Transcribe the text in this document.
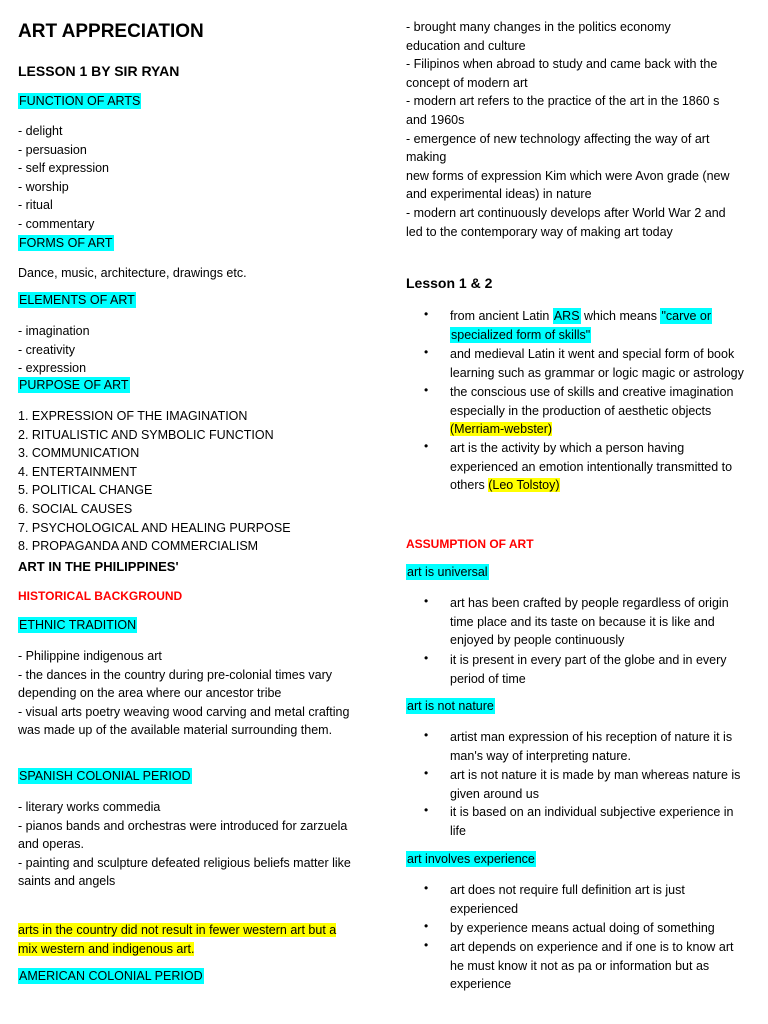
ART APPRECIATION
LESSON 1 BY SIR RYAN
FUNCTION OF ARTS
- delight
- persuasion
- self expression
- worship
- ritual
- commentary
FORMS OF ART
Dance, music, architecture, drawings etc.
ELEMENTS OF ART
- imagination
- creativity
- expression
PURPOSE OF ART
1. EXPRESSION OF THE IMAGINATION
2. RITUALISTIC AND SYMBOLIC FUNCTION
3. COMMUNICATION
4. ENTERTAINMENT
5. POLITICAL CHANGE
6. SOCIAL CAUSES
7. PSYCHOLOGICAL AND HEALING PURPOSE
8. PROPAGANDA AND COMMERCIALISM
ART IN THE PHILIPPINES'
HISTORICAL BACKGROUND
ETHNIC TRADITION
- Philippine indigenous art
- the dances in the country during pre-colonial times vary
depending on the area where our ancestor tribe
- visual arts poetry weaving wood carving and metal crafting
was made up of the available material surrounding them.
SPANISH COLONIAL PERIOD
- literary works commedia
- pianos bands and orchestras were introduced for zarzuela
and operas.
- painting and sculpture defeated religious beliefs matter like
saints and angels
arts in the country did not result in fewer western art but a
mix western and indigenous art.
AMERICAN COLONIAL PERIOD
- brought many changes in the politics economy
education and culture
- Filipinos when abroad to study and came back with the
concept of modern art
- modern art refers to the practice of the art in the 1860 s
and 1960s
- emergence of new technology affecting the way of art
making
new forms of expression Kim which were Avon grade (new
and experimental ideas) in nature
- modern art continuously develops after World War 2 and
led to the contemporary way of making art today
Lesson 1 & 2
• from ancient Latin ARS which means "carve or
specialized form of skills"
• and medieval Latin it went and special form of book
learning such as grammar or logic magic or astrology
• the conscious use of skills and creative imagination
especially in the production of aesthetic objects
(Merriam-webster)
• art is the activity by which a person having
experienced an emotion intentionally transmitted to
others (Leo Tolstoy)
ASSUMPTION OF ART
art is universal
• art has been crafted by people regardless of origin
time place and its taste on because it is like and
enjoyed by people continuously
• it is present in every part of the globe and in every
period of time
art is not nature
• artist man expression of his reception of nature it is
man's way of interpreting nature.
• art is not nature it is made by man whereas nature is
given around us
• it is based on an individual subjective experience in
life
art involves experience
• art does not require full definition art is just
experienced
• by experience means actual doing of something
• art depends on experience and if one is to know art
he must know it not as pa or information but as
experience
